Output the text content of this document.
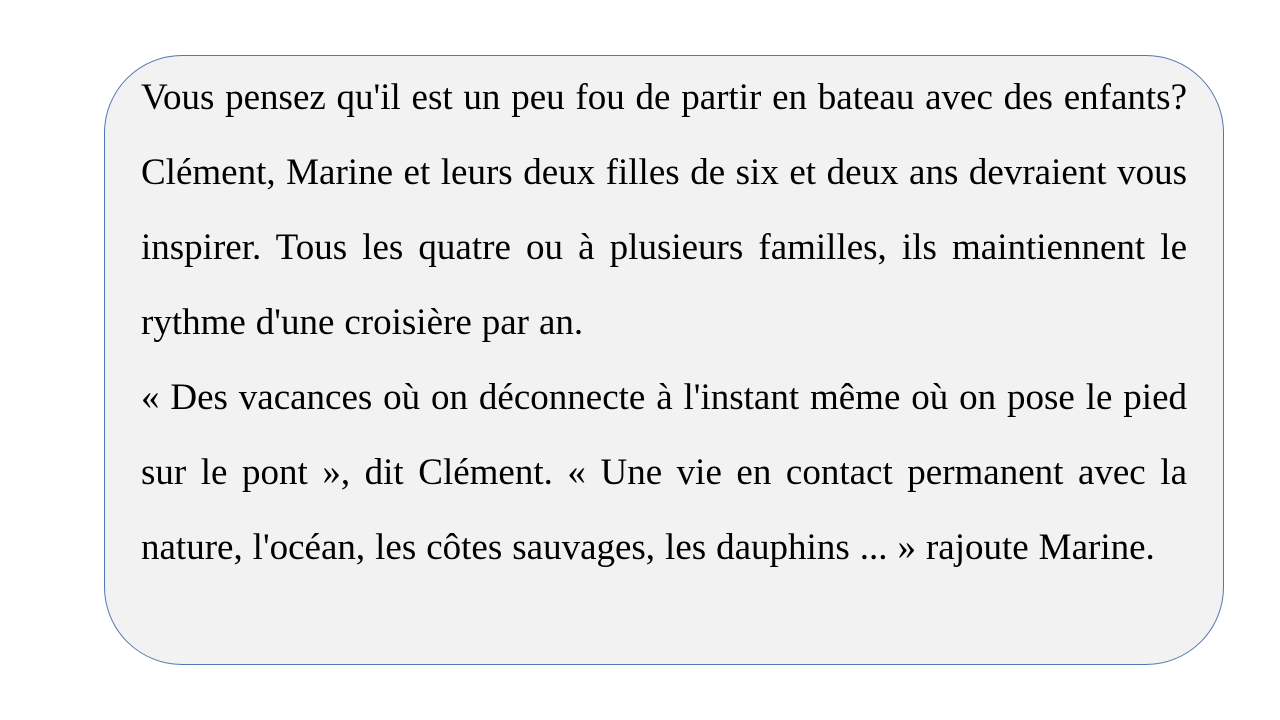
Vous pensez qu'il est un peu fou de partir en bateau avec des enfants? Clément, Marine et leurs deux filles de six et deux ans devraient vous inspirer. Tous les quatre ou à plusieurs familles, ils maintiennent le rythme d'une croisière par an.

« Des vacances où on déconnecte à l'instant même où on pose le pied sur le pont », dit Clément. « Une vie en contact permanent avec la nature, l'océan, les côtes sauvages, les dauphins ... » rajoute Marine.
